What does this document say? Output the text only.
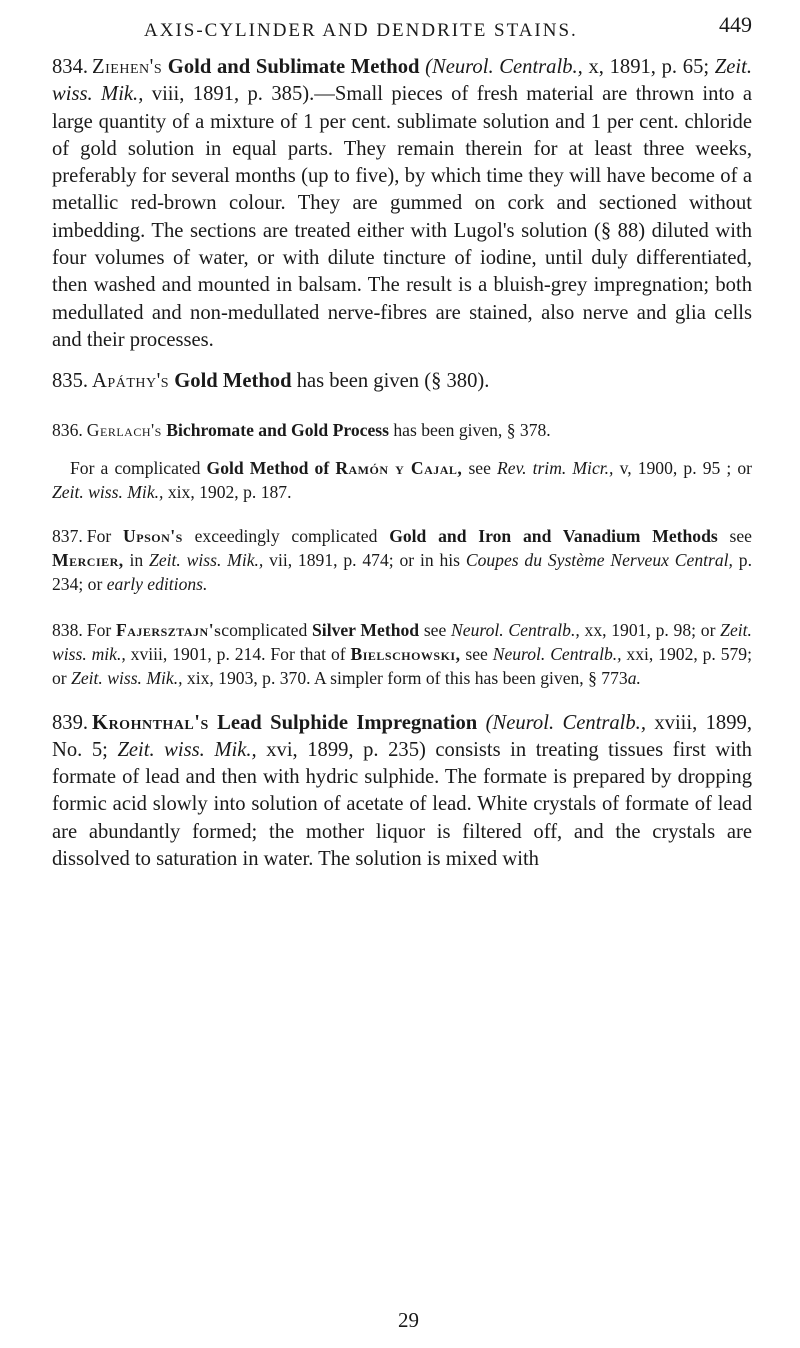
AXIS-CYLINDER AND DENDRITE STAINS.	449

834. Ziehen's Gold and Sublimate Method (Neurol. Centralb., x, 1891, p. 65; Zeit. wiss. Mik., viii, 1891, p. 385).—Small pieces of fresh material are thrown into a large quantity of a mixture of 1 per cent. sublimate solution and 1 per cent. chloride of gold solution in equal parts. They remain therein for at least three weeks, preferably for several months (up to five), by which time they will have become of a metallic red-brown colour. They are gummed on cork and sectioned without imbedding. The sections are treated either with Lugol's solution (§ 88) diluted with four volumes of water, or with dilute tincture of iodine, until duly differentiated, then washed and mounted in balsam. The result is a bluish-grey impregnation; both medullated and non-medullated nerve-fibres are stained, also nerve and glia cells and their processes.

835. Apáthy's Gold Method has been given (§ 380).

836. Gerlach's Bichromate and Gold Process has been given, § 378.

For a complicated Gold Method of Ramón y Cajal, see Rev. trim. Micr., v, 1900, p. 95 ; or Zeit. wiss. Mik., xix, 1902, p. 187.

837. For Upson's exceedingly complicated Gold and Iron and Vanadium Methods see Mercier, in Zeit. wiss. Mik., vii, 1891, p. 474; or in his Coupes du Système Nerveux Central, p. 234; or early editions.

838. For Fajersztajn'scomplicated Silver Method see Neurol. Centralb., xx, 1901, p. 98; or Zeit. wiss. mik., xviii, 1901, p. 214. For that of Bielschowski, see Neurol. Centralb., xxi, 1902, p. 579; or Zeit. wiss. Mik., xix, 1903, p. 370. A simpler form of this has been given, § 773a.

839. Krohnthal's Lead Sulphide Impregnation (Neurol. Centralb., xviii, 1899, No. 5; Zeit. wiss. Mik., xvi, 1899, p. 235) consists in treating tissues first with formate of lead and then with hydric sulphide. The formate is prepared by dropping formic acid slowly into solution of acetate of lead. White crystals of formate of lead are abundantly formed; the mother liquor is filtered off, and the crystals are dissolved to saturation in water. The solution is mixed with

29
